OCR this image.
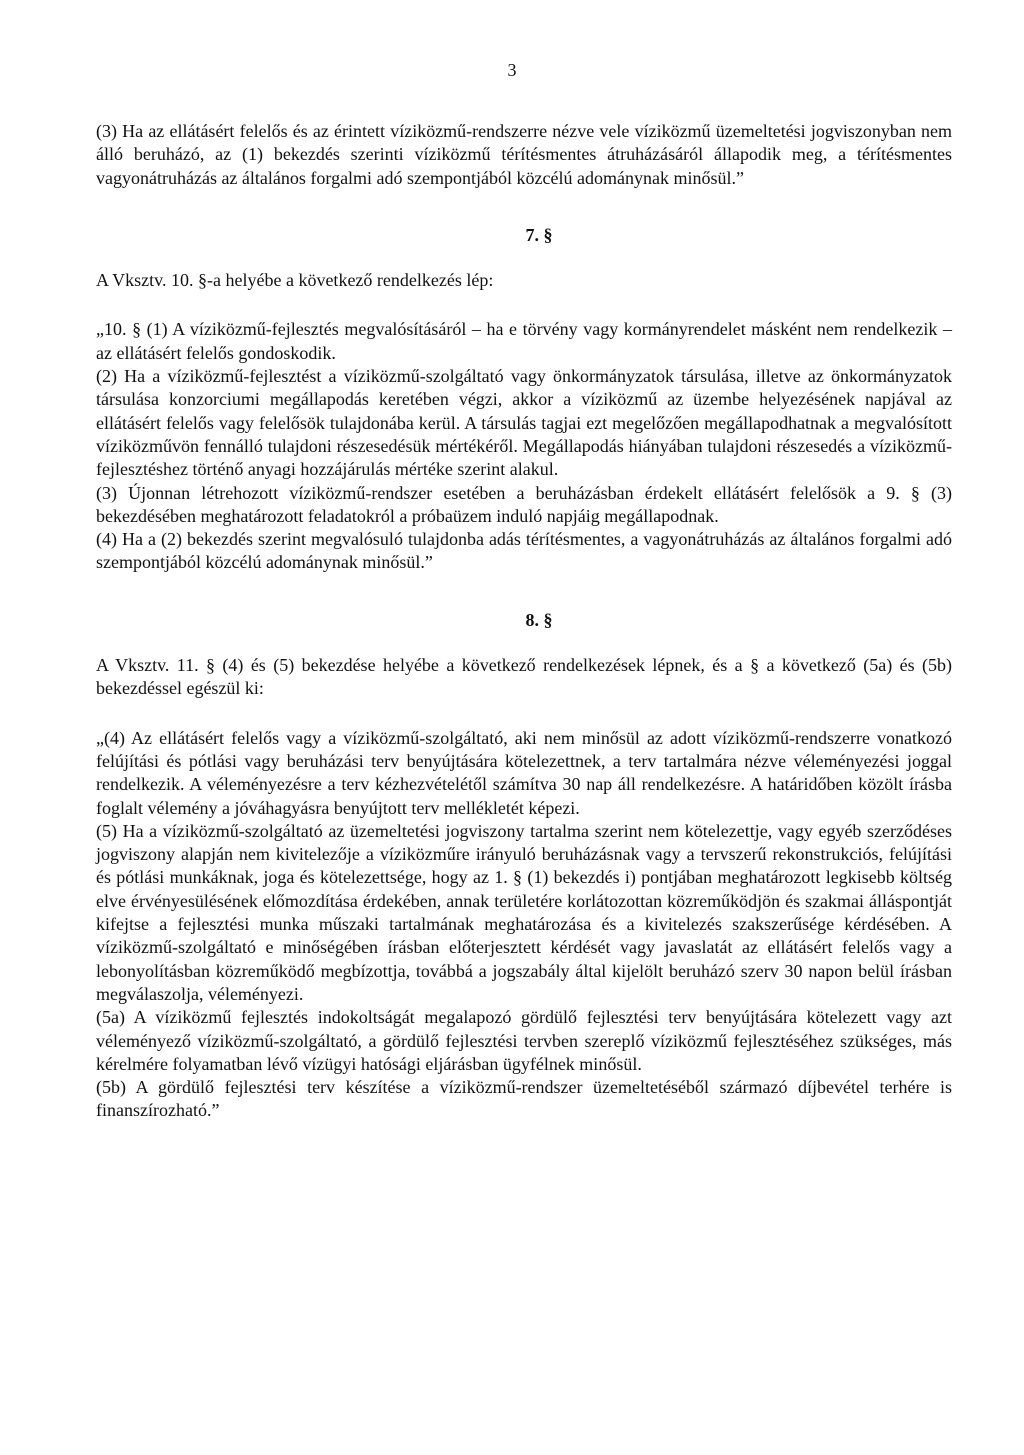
3

(3) Ha az ellátásért felelős és az érintett víziközmű-rendszerre nézve vele víziközmű üzemeltetési jogviszonyban nem álló beruházó, az (1) bekezdés szerinti víziközmű térítésmentes átruházásáról állapodik meg, a térítésmentes vagyonátruházás az általános forgalmi adó szempontjából közcélú adománynak minősül.”

7. §

A Vksztv. 10. §-a helyébe a következő rendelkezés lép:

„10. § (1) A víziközmű-fejlesztés megvalósításáról – ha e törvény vagy kormányrendelet másként nem rendelkezik – az ellátásért felelős gondoskodik.

(2) Ha a víziközmű-fejlesztést a víziközmű-szolgáltató vagy önkormányzatok társulása, illetve az önkormányzatok társulása konzorciumi megállapodás keretében végzi, akkor a víziközmű az üzembe helyezésének napjával az ellátásért felelős vagy felelősök tulajdonába kerül. A társulás tagjai ezt megelőzően megállapodhatnak a megvalósított víziközművön fennálló tulajdoni részesedésük mértékéről. Megállapodás hiányában tulajdoni részesedés a víziközmű-fejlesztéshez történő anyagi hozzájárulás mértéke szerint alakul.

(3) Újonnan létrehozott víziközmű-rendszer esetében a beruházásban érdekelt ellátásért felelősök a 9. § (3) bekezdésében meghatározott feladatokról a próbaüzem induló napjáig megállapodnak.

(4) Ha a (2) bekezdés szerint megvalósuló tulajdonba adás térítésmentes, a vagyonátruházás az általános forgalmi adó szempontjából közcélú adománynak minősül.”

8. §

A Vksztv. 11. § (4) és (5) bekezdése helyébe a következő rendelkezések lépnek, és a § a következő (5a) és (5b) bekezdéssel egészül ki:

„(4) Az ellátásért felelős vagy a víziközmű-szolgáltató, aki nem minősül az adott víziközmű-rendszerre vonatkozó felújítási és pótlási vagy beruházási terv benyújtására kötelezettnek, a terv tartalmára nézve véleményezési joggal rendelkezik. A véleményezésre a terv kézhezvételétől számítva 30 nap áll rendelkezésre. A határidőben közölt írásba foglalt vélemény a jóváhagyásra benyújtott terv mellékletét képezi.

(5) Ha a víziközmű-szolgáltató az üzemeltetési jogviszony tartalma szerint nem kötelezettje, vagy egyéb szerződéses jogviszony alapján nem kivitelezője a víziközműre irányuló beruházásnak vagy a tervszerű rekonstrukciós, felújítási és pótlási munkáknak, joga és kötelezettsége, hogy az 1. § (1) bekezdés i) pontjában meghatározott legkisebb költség elve érvényesülésének előmozdítása érdekében, annak területére korlátozottan közreműködjön és szakmai álláspontját kifejtse a fejlesztési munka műszaki tartalmának meghatározása és a kivitelezés szakszerűsége kérdésében. A víziközmű-szolgáltató e minőségében írásban előterjesztett kérdését vagy javaslatát az ellátásért felelős vagy a lebonyolításban közreműködő megbízottja, továbbá a jogszabály által kijelölt beruházó szerv 30 napon belül írásban megválaszolja, véleményezi.

(5a) A víziközmű fejlesztés indokoltságát megalapozó gördülő fejlesztési terv benyújtására kötelezett vagy azt véleményező víziközmű-szolgáltató, a gördülő fejlesztési tervben szereplő víziközmű fejlesztéséhez szükséges, más kérelmére folyamatban lévő vízügyi hatósági eljárásban ügyfélnek minősül.

(5b) A gördülő fejlesztési terv készítése a víziközmű-rendszer üzemeltetéséből származó díjbevétel terhére is finanszírozható.”
